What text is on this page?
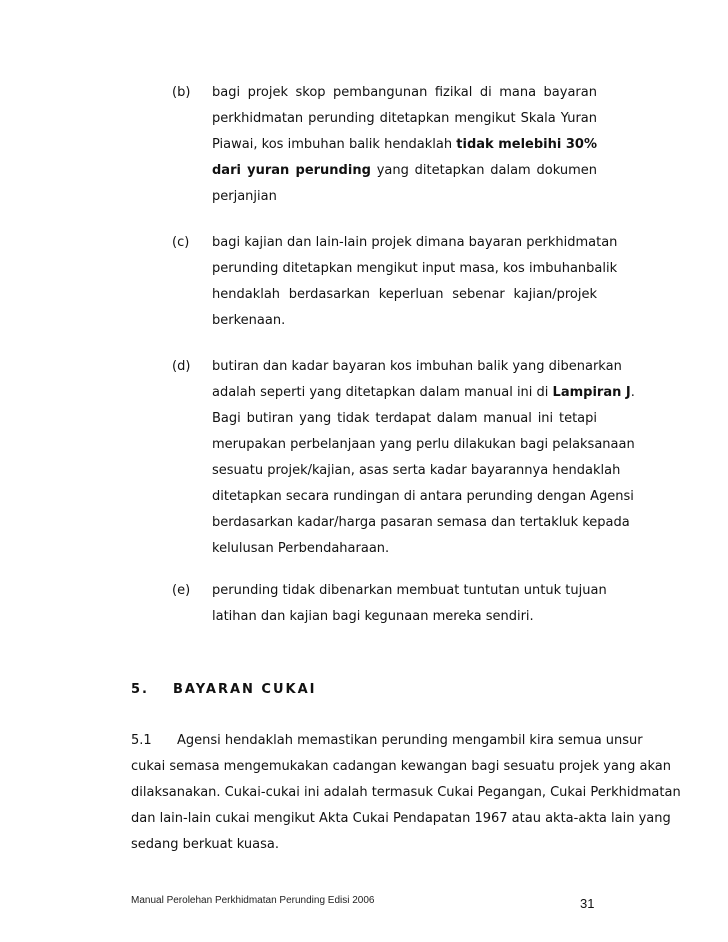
(b) bagi projek skop pembangunan fizikal di mana bayaran
perkhidmatan perunding ditetapkan mengikut Skala Yuran
Piawai, kos imbuhan balik hendaklah tidak melebihi 30%
dari yuran perunding yang ditetapkan dalam dokumen
perjanjian
(c) bagi kajian dan lain-lain projek dimana bayaran perkhidmatan
perunding ditetapkan mengikut input masa, kos imbuhanbalik
hendaklah berdasarkan keperluan sebenar kajian/projek
berkenaan.
(d) butiran dan kadar bayaran kos imbuhan balik yang dibenarkan
adalah seperti yang ditetapkan dalam manual ini di Lampiran J.
Bagi butiran yang tidak terdapat dalam manual ini tetapi
merupakan perbelanjaan yang perlu dilakukan bagi pelaksanaan
sesuatu projek/kajian, asas serta kadar bayarannya hendaklah
ditetapkan secara rundingan di antara perunding dengan Agensi
berdasarkan kadar/harga pasaran semasa dan tertakluk kepada
kelulusan Perbendaharaan.
(e) perunding tidak dibenarkan membuat tuntutan untuk tujuan
latihan dan kajian bagi kegunaan mereka sendiri.
5. BAYARAN CUKAI
5.1 Agensi hendaklah memastikan perunding mengambil kira semua unsur
cukai semasa mengemukakan cadangan kewangan bagi sesuatu projek yang akan
dilaksanakan. Cukai-cukai ini adalah termasuk Cukai Pegangan, Cukai Perkhidmatan
dan lain-lain cukai mengikut Akta Cukai Pendapatan 1967 atau akta-akta lain yang
sedang berkuat kuasa.
Manual Perolehan Perkhidmatan Perunding Edisi 2006	31
